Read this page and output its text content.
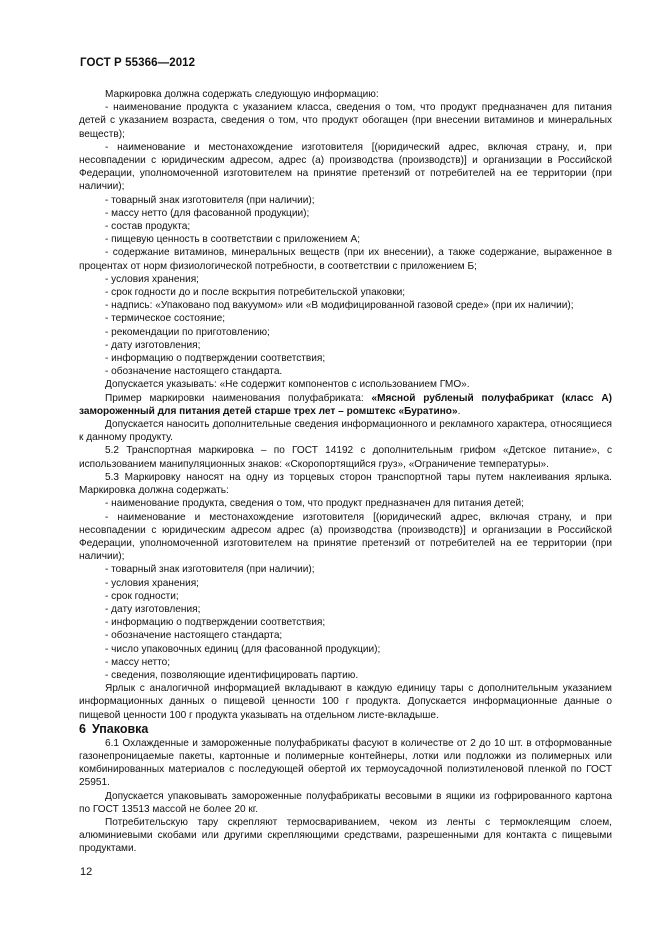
ГОСТ Р 55366—2012

Маркировка должна содержать следующую информацию:

- наименование продукта с указанием класса, сведения о том, что продукт предназначен для питания детей с указанием возраста, сведения о том, что продукт обогащен (при внесении витаминов и минеральных веществ);

- наименование и местонахождение изготовителя [(юридический адрес, включая страну, и, при несовпадении с юридическим адресом, адрес (а) производства (производств)] и организации в Российской Федерации, уполномоченной изготовителем на принятие претензий от потребителей на ее территории (при наличии);

- товарный знак изготовителя (при наличии);

- массу нетто (для фасованной продукции);

- состав продукта;

- пищевую ценность в соответствии с приложением А;

- содержание витаминов, минеральных веществ (при их внесении), а также содержание, выраженное в процентах от норм физиологической потребности, в соответствии с приложением Б;

- условия хранения;

- срок годности до и после вскрытия потребительской упаковки;

- надпись: «Упаковано под вакуумом» или «В модифицированной газовой среде» (при их наличии);

- термическое состояние;

- рекомендации по приготовлению;

- дату изготовления;

- информацию о подтверждении соответствия;

- обозначение настоящего стандарта.

Допускается указывать: «Не содержит компонентов с использованием ГМО».

Пример маркировки наименования полуфабриката: «Мясной рубленый полуфабрикат (класс А) замороженный для питания детей старше трех лет – ромштекс «Буратино».

Допускается наносить дополнительные сведения информационного и рекламного характера, относящиеся к данному продукту.

5.2 Транспортная маркировка – по ГОСТ 14192 с дополнительным грифом «Детское питание», с использованием манипуляционных знаков: «Скоропортящийся груз», «Ограничение температуры».

5.3 Маркировку наносят на одну из торцевых сторон транспортной тары путем наклеивания ярлыка. Маркировка должна содержать:

- наименование продукта, сведения о том, что продукт предназначен для питания детей;

- наименование и местонахождение изготовителя [(юридический адрес, включая страну, и при несовпадении с юридическим адресом адрес (а) производства (производств)] и организации в Российской Федерации, уполномоченной изготовителем на принятие претензий от потребителей на ее территории (при наличии);

- товарный знак изготовителя (при наличии);

- условия хранения;

- срок годности;

- дату изготовления;

- информацию о подтверждении соответствия;

- обозначение настоящего стандарта;

- число упаковочных единиц (для фасованной продукции);

- массу нетто;

- сведения, позволяющие идентифицировать партию.

Ярлык с аналогичной информацией вкладывают в каждую единицу тары с дополнительным указанием информационных данных о пищевой ценности 100 г продукта. Допускается информационные данные о пищевой ценности 100 г продукта указывать на отдельном листе-вкладыше.

6 Упаковка

6.1 Охлажденные и замороженные полуфабрикаты фасуют в количестве от 2 до 10 шт. в отформованные газонепроницаемые пакеты, картонные и полимерные контейнеры, лотки или подложки из полимерных или комбинированных материалов с последующей обертой их термоусадочной полиэтиленовой пленкой по ГОСТ 25951.

Допускается упаковывать замороженные полуфабрикаты весовыми в ящики из гофрированного картона по ГОСТ 13513 массой не более 20 кг.

Потребительскую тару скрепляют термосвариванием, чеком из ленты с термоклеящим слоем, алюминиевыми скобами или другими скрепляющими средствами, разрешенными для контакта с пищевыми продуктами.

12
